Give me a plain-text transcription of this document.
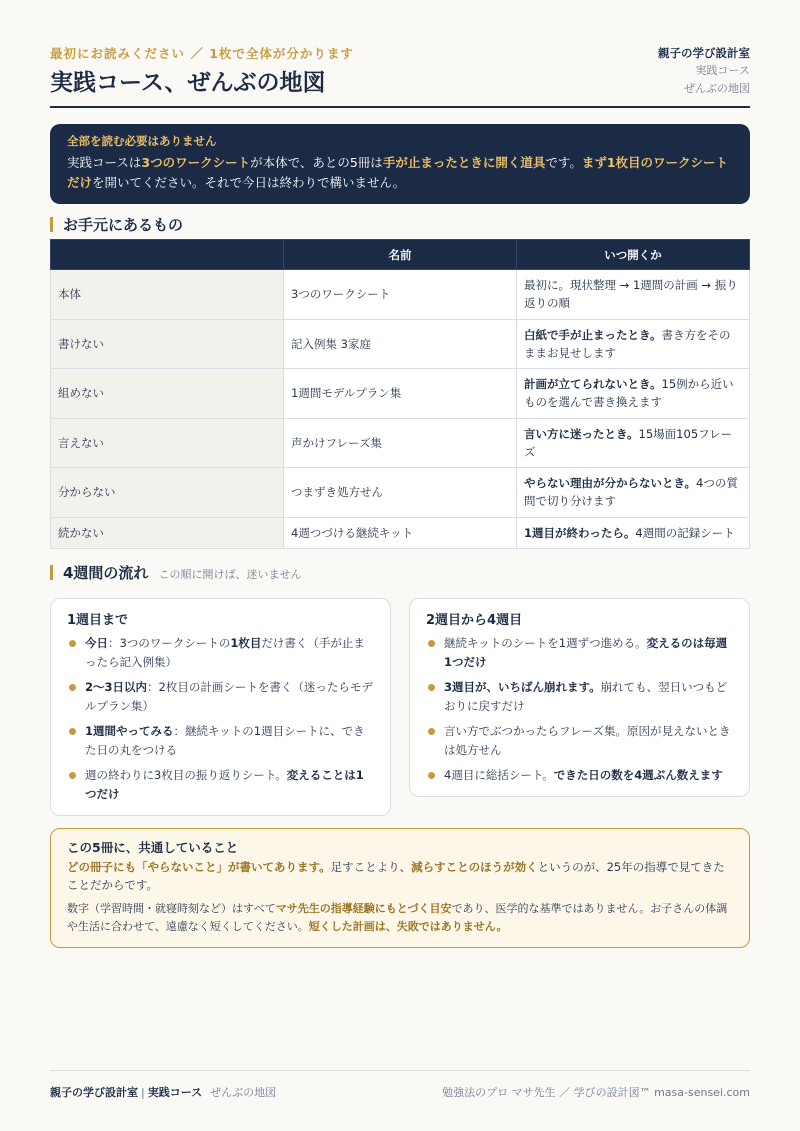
最初にお読みください ／ 1枚で全体が分かります
実践コース、ぜんぶの地図
親子の学び設計室
実践コース
ぜんぶの地図
全部を読む必要はありません
実践コースは3つのワークシートが本体で、あとの5冊は手が止まったときに開く道具です。まず1枚目のワークシートだけを開いてください。それで今日は終わりで構いません。
お手元にあるもの
	名前	いつ開くか
本体	3つのワークシート	最初に。現状整理 → 1週間の計画 → 振り返りの順
書けない	記入例集 3家庭	白紙で手が止まったとき。書き方をそのままお見せします
組めない	1週間モデルプラン集	計画が立てられないとき。15例から近いものを選んで書き換えます
言えない	声かけフレーズ集	言い方に迷ったとき。15場面105フレーズ
分からない	つまずき処方せん	やらない理由が分からないとき。4つの質問で切り分けます
続かない	4週つづける継続キット	1週目が終わったら。4週間の記録シート
4週間の流れ この順に開けば、迷いません
1週目まで
今日：3つのワークシートの1枚目だけ書く（手が止まったら記入例集）
2〜3日以内：2枚目の計画シートを書く（迷ったらモデルプラン集）
1週間やってみる：継続キットの1週目シートに、できた日の丸をつける
週の終わりに3枚目の振り返りシート。変えることは1つだけ
2週目から4週目
継続キットのシートを1週ずつ進める。変えるのは毎週1つだけ
3週目が、いちばん崩れます。崩れても、翌日いつもどおりに戻すだけ
言い方でぶつかったらフレーズ集。原因が見えないときは処方せん
4週目に総括シート。できた日の数を4週ぶん数えます
この5冊に、共通していること
どの冊子にも「やらないこと」が書いてあります。足すことより、減らすことのほうが効くというのが、25年の指導で見てきたことだからです。
数字（学習時間・就寝時刻など）はすべてマサ先生の指導経験にもとづく目安であり、医学的な基準ではありません。お子さんの体調や生活に合わせて、遠慮なく短くしてください。短くした計画は、失敗ではありません。
親子の学び設計室 | 実践コース ぜんぶの地図	勉強法のプロ マサ先生 ／ 学びの設計図™ masa-sensei.com
